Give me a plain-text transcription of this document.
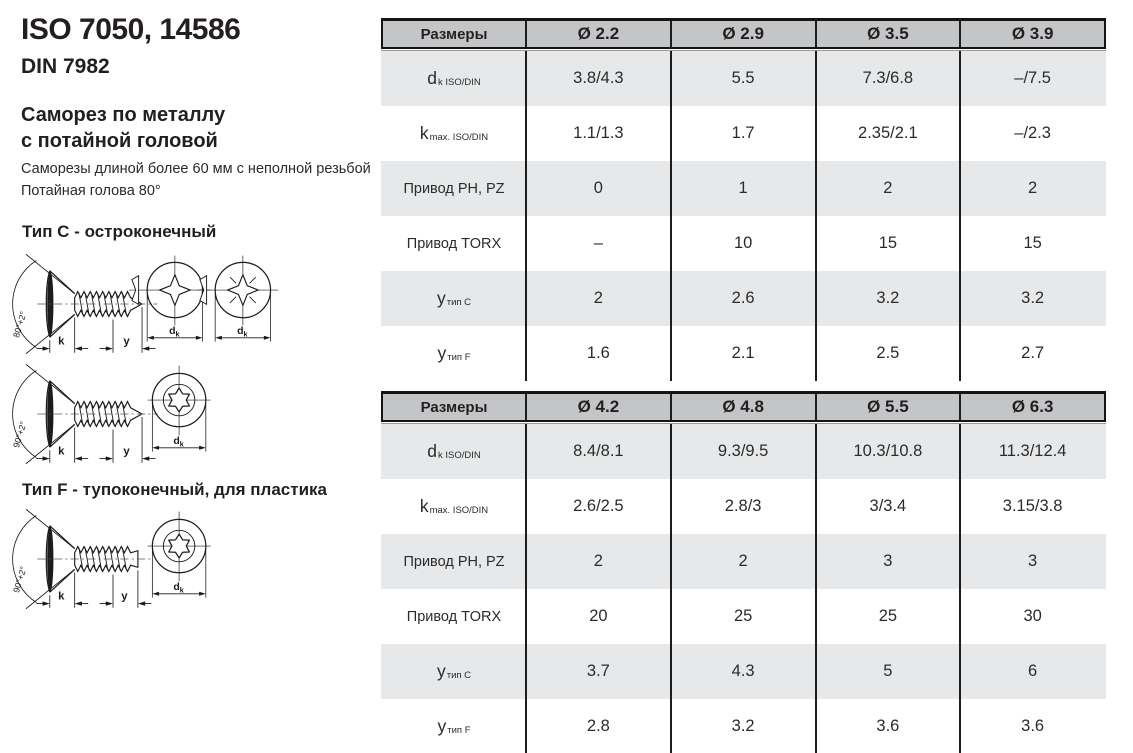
ISO 7050, 14586
DIN 7982
Саморез по металлу
с потайной головой
Саморезы длиной более 60 мм с неполной резьбой
Потайная голова 80°
Тип C - остроконечный
Тип F - тупоконечный, для пластика
k	y
80°+2°	$d_k$	$d_k$
k	y
90°+2°	$d_k$
k	y
90°+2°	$d_k$
Размеры	Ø 2.2	Ø 2.9	Ø 3.5	Ø 3.9
d k ISO/DIN	3.8/4.3	5.5	7.3/6.8	–/7.5
k max. ISO/DIN	1.1/1.3	1.7	2.35/2.1	–/2.3
Привод PH, PZ	0	1	2	2
Привод TORX	–	10	15	15
y тип C	2	2.6	3.2	3.2
y тип F	1.6	2.1	2.5	2.7
Размеры	Ø 4.2	Ø 4.8	Ø 5.5	Ø 6.3
d k ISO/DIN	8.4/8.1	9.3/9.5	10.3/10.8	11.3/12.4
k max. ISO/DIN	2.6/2.5	2.8/3	3/3.4	3.15/3.8
Привод PH, PZ	2	2	3	3
Привод TORX	20	25	25	30
y тип C	3.7	4.3	5	6
y тип F	2.8	3.2	3.6	3.6
